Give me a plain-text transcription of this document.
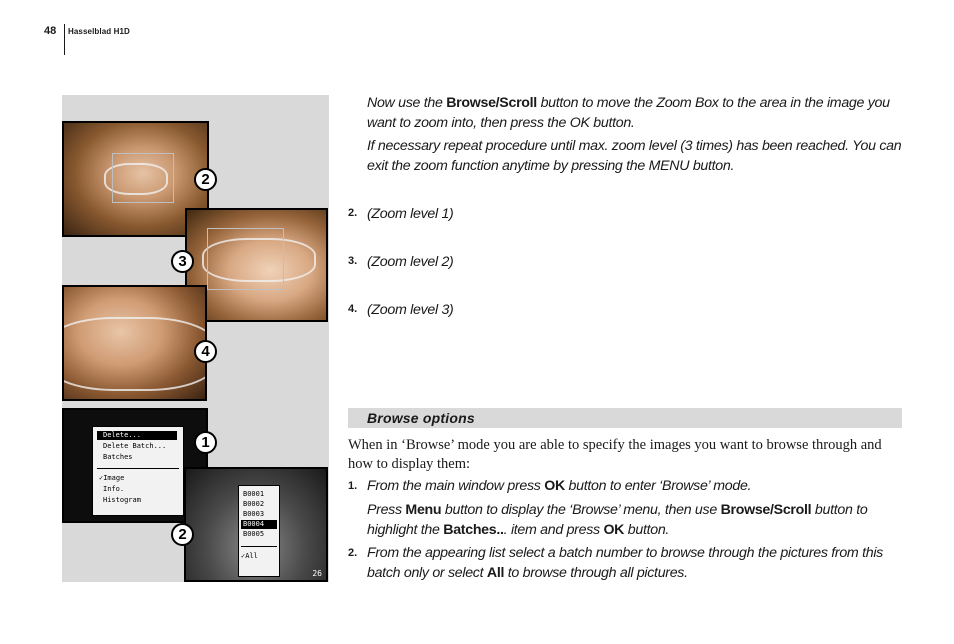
48 Hasselblad H1D
Delete...
Delete Batch...
Batches
✓Image
Info.
Histogram
B0001
B0002
B0003
B0004
B0005
✓All
26
2
3
4
1
2
Now use the Browse/Scroll button to move the Zoom Box to the area in the image you want to zoom into, then press the OK button.
If necessary repeat procedure until max. zoom level (3 times) has been reached. You can exit the zoom function anytime by pressing the MENU button.
2. (Zoom level 1)
3. (Zoom level 2)
4. (Zoom level 3)
Browse options
When in ‘Browse’ mode you are able to specify the images you want to browse through and how to display them:
1. From the main window press OK button to enter ‘Browse’ mode.
Press Menu button to display the ‘Browse’ menu, then use Browse/Scroll button to highlight the Batches... item and press OK button.
2. From the appearing list select a batch number to browse through the pictures from this batch only or select All to browse through all pictures.
